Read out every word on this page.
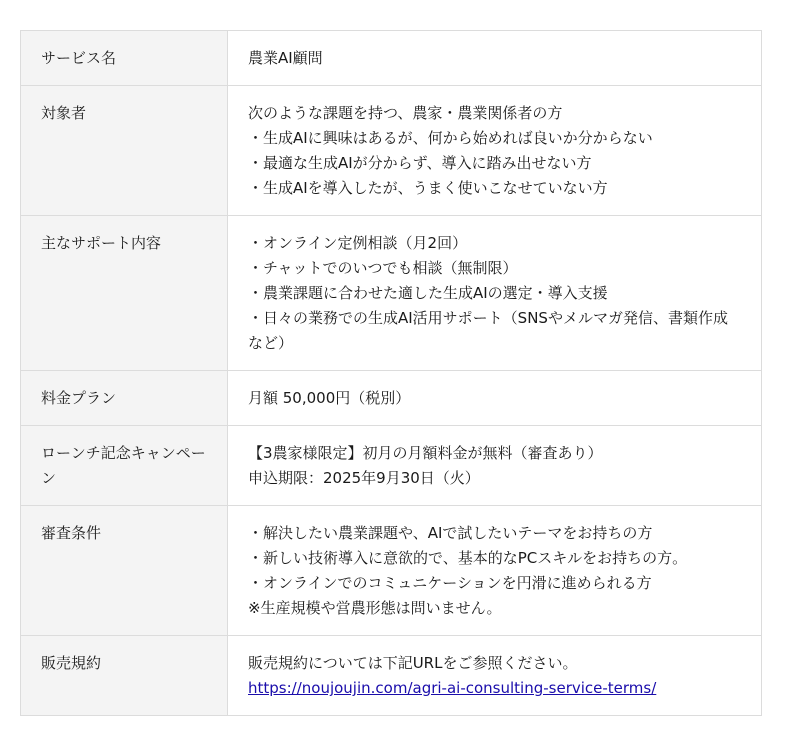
サービス名	農業AI顧問

対象者	次のような課題を持つ、農家・農業関係者の方
・生成AIに興味はあるが、何から始めれば良いか分からない
・最適な生成AIが分からず、導入に踏み出せない方
・生成AIを導入したが、うまく使いこなせていない方

主なサポート内容	・オンライン定例相談（月2回）
・チャットでのいつでも相談（無制限）
・農業課題に合わせた適した生成AIの選定・導入支援
・日々の業務での生成AI活用サポート（SNSやメルマガ発信、書類作成など）

料金プラン	月額 50,000円（税別）

ローンチ記念キャンペーン	【3農家様限定】初月の月額料金が無料（審査あり）
申込期限：2025年9月30日（火）

審査条件	・解決したい農業課題や、AIで試したいテーマをお持ちの方
・新しい技術導入に意欲的で、基本的なPCスキルをお持ちの方。
・オンラインでのコミュニケーションを円滑に進められる方
※生産規模や営農形態は問いません。

販売規約	販売規約については下記URLをご参照ください。
https://noujoujin.com/agri-ai-consulting-service-terms/
